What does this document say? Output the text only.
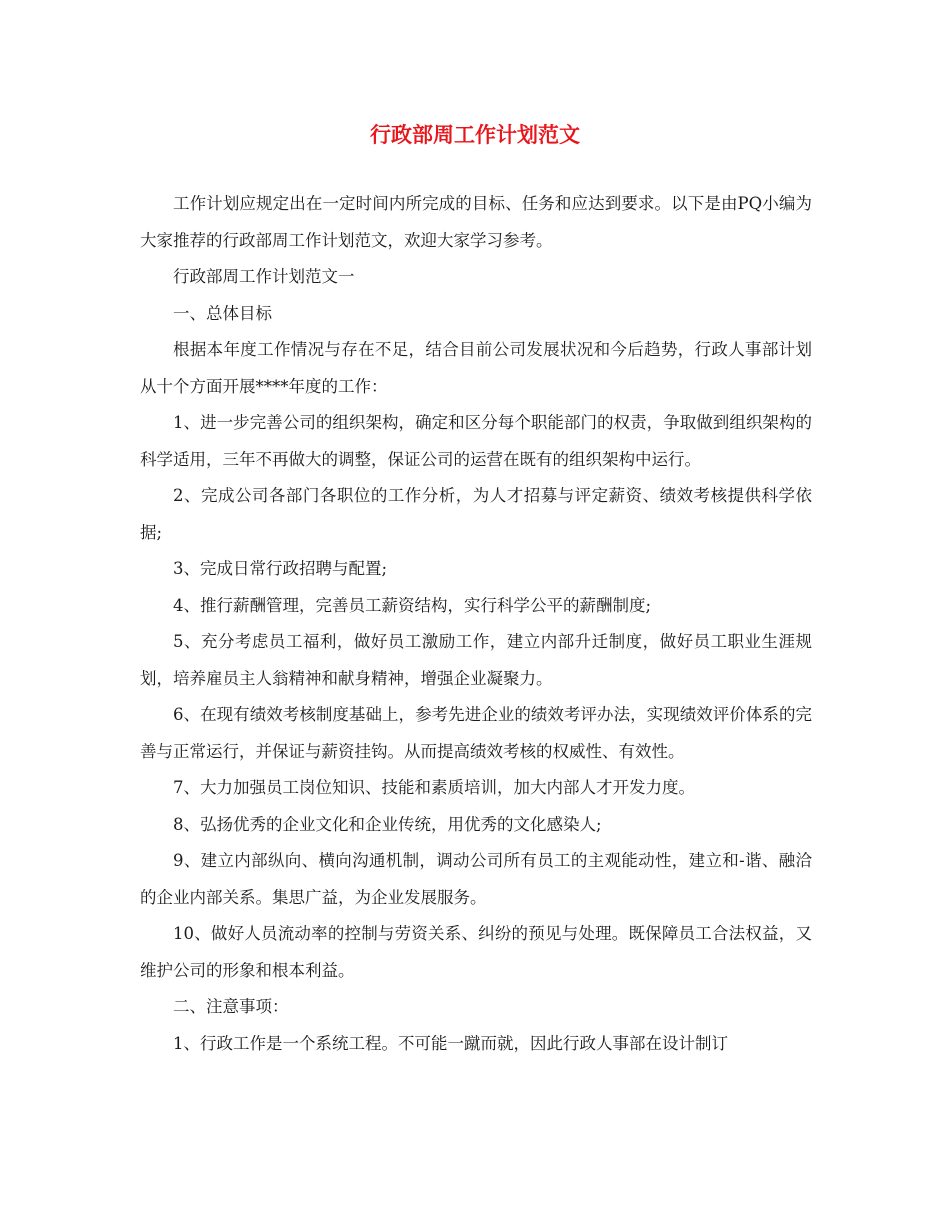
行政部周工作计划范文

工作计划应规定出在一定时间内所完成的目标、任务和应达到要求。以下是由PQ小编为大家推荐的行政部周工作计划范文，欢迎大家学习参考。

行政部周工作计划范文一

一、总体目标

根据本年度工作情况与存在不足，结合目前公司发展状况和今后趋势，行政人事部计划从十个方面开展****年度的工作：

1、进一步完善公司的组织架构，确定和区分每个职能部门的权责，争取做到组织架构的科学适用，三年不再做大的调整，保证公司的运营在既有的组织架构中运行。

2、完成公司各部门各职位的工作分析，为人才招募与评定薪资、绩效考核提供科学依据;

3、完成日常行政招聘与配置;

4、推行薪酬管理，完善员工薪资结构，实行科学公平的薪酬制度;

5、充分考虑员工福利，做好员工激励工作，建立内部升迁制度，做好员工职业生涯规划，培养雇员主人翁精神和献身精神，增强企业凝聚力。

6、在现有绩效考核制度基础上，参考先进企业的绩效考评办法，实现绩效评价体系的完善与正常运行，并保证与薪资挂钩。从而提高绩效考核的权威性、有效性。

7、大力加强员工岗位知识、技能和素质培训，加大内部人才开发力度。

8、弘扬优秀的企业文化和企业传统，用优秀的文化感染人;

9、建立内部纵向、横向沟通机制，调动公司所有员工的主观能动性，建立和-谐、融洽的企业内部关系。集思广益，为企业发展服务。

10、做好人员流动率的控制与劳资关系、纠纷的预见与处理。既保障员工合法权益，又维护公司的形象和根本利益。

二、注意事项：

1、行政工作是一个系统工程。不可能一蹴而就，因此行政人事部在设计制订
